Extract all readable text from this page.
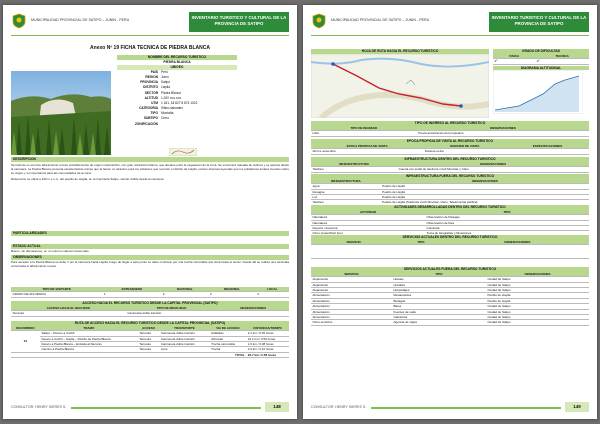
MUNICIPALIDAD PROVINCIAL DE SATIPO – JUNIN - PERU	INVENTARIO TURISTICO Y CULTURAL DE LA PROVINCIA DE SATIPO
Anexo Nº 19 FICHA TECNICA DE PIEDRA BLANCA
NOMBRE DEL RECURSO TURISTICO
PIEDRA BLANCA
UBIGEO
PAIS Perú
REGION Junín
PROVINCIA Satipo
DISTRITO Llaylla
SECTOR Piedra Blanca
ALTITUD 1,200 m.s.n.m.
UTM 1 181, 18 827 8 874 1022
CATEGORIA Sitios naturales
TIPO Montaña
SUBTIPO Cerro
ZONIFICACIÓN
DESCRIPCION

Se trata de un enorme afloramiento rocoso probablemente de origen metamórfico, con gran coloración blanca, que destaca entre la vegetación de la zona. Se encuentra rodeada de cultivos y se aprecia desde la carretera. La Piedra Blanca presenta características únicas que la hacen un atractivo para los visitantes que recorren el distrito de Llaylla, existen diversas leyendas que los pobladores locales cuentan sobre su origen y su importancia para las comunidades de la zona.

Referencia: se ubica a 100 m.s.n.m. del pueblo de Llaylla, en la ruta hacia Satipo, siendo visible desde la carretera.

PARTICULARIDADES
ESTADO ACTUAL

Bueno, sin alteraciones, en un entorno natural conservado.

OBSERVACIONES

Para acceder a la Piedra Blanca se debe ir por la carretera hacia Llaylla, luego de llegar a este punto se debe continuar por una trocha carrozable que lleva hasta el sector. Desde allí se realiza una caminata corta hasta el afloramiento rocoso.

TIPO DE VISITANTE	EXTRANJERO	NACIONAL	REGIONAL	LOCAL
GRADO DE AFLUENCIA	1	2	3	4
ACCESO HACIA EL RECURSO TURISTICO DESDE LA CAPITAL PROVINCIAL (SATIPO)
ACCESO HACIA EL RECURSO	TIPO DE MOVILIDAD	OBSERVACIONES
Terrestre	Camioneta doble tracción	
RUTA DE ACCESO HACIA EL RECURSO TURISTICO DESDE LA CAPITAL PROVINCIAL (SATIPO)
RECORRIDO	TRAMO	ACCESO	TRANSPORTE	VIA DE ACCESO	DISTANCIA/TIEMPO
01	Satipo – Desvío a Cuchil	Terrestre	Camioneta doble tracción	Asfaltado	2.1 km / 0.05 horas
	Desvío a Cuchil – Llaylla – Distrito de Piedra Blanca	Terrestre	Camioneta doble tracción	Afirmado	22.1 km / 0.50 horas
	Desvío a Piedra Blanca – Entrada al Recurso	Terrestre	Camioneta doble tracción	Trocha carrozable	1.6 km / 0.08 horas
	Camino a Piedra Blanca	Terrestre	A pie	Trocha	0.3 km / 0.10 horas
TOTAL					26.7 km / 0.58 horas
CONSULTOR: HENRY SIERES S.	148
MUNICIPALIDAD PROVINCIAL DE SATIPO – JUNIN - PERU	INVENTARIO TURISTICO Y CULTURAL DE LA PROVINCIA DE SATIPO
HOJA DE RUTA HACIA EL RECURSO TURISTICO	GRADO DE DIFICULTAD
FISICA	TECNICA
2º	2º
DIAGRAMA ALTITUDINAL
TIPO DE INGRESO AL RECURSO TURISTICO
TIPO DE INGRESO	OBSERVACIONES
Libre	Previa autorización del propietario
EPOCA PROPICIA DE VISITA AL RECURSO TURISTICO
EPOCA PROPICIA DE VISITA	HORARIO DE VISITA	ESPECIFICACIONES
Abril a noviembre	Durante el día	
INFRAESTRUCTURA DENTRO DEL RECURSO TURISTICO
INFRAESTRUCTURA	OBSERVACIONES
Teléfono	Cuenta con señal de telefonía móvil Movistar y Claro
INFRAESTRUCTURA FUERA DEL RECURSO TURISTICO
INFRAESTRUCTURA	OBSERVACIONES
Agua	Pueblo de Llaylla
Desagüe	Pueblo de Llaylla
Luz	Pueblo de Llaylla
Teléfono	Pueblo de Llaylla (Telefonía móvil Movistar, Claro, Telefonía fija pública)
ACTIVIDADES DESARROLLADAS DENTRO DEL RECURSO TURISTICO
ACTIVIDAD	TIPO
Naturaleza	Observación de Paisajes
Naturaleza	Observación de flora
Deporte / Aventura	Caminata
Otros (especificar tipo)	Toma de fotografías y filmaciones
SERVICIOS ACTUALES DENTRO DEL RECURSO TURISTICO
SERVICIO	TIPO	OBSERVACIONES
SERVICIOS ACTUALES FUERA DEL RECURSO TURISTICO
SERVICIO	TIPO	OBSERVACIONES
Alojamiento	Hoteles	Ciudad de Satipo
Alojamiento	Hostales	Ciudad de Satipo
Alojamiento	Hospedajes	Ciudad de Satipo
Alimentación	Restaurantes	Pueblo de Llaylla
Alimentación	Bodegas	Pueblo de Llaylla
Alimentación	Bares	Ciudad de Satipo
Alimentación	Fuentes de soda	Ciudad de Satipo
Alimentación	Cafeterías	Ciudad de Satipo
Otros servicios	Agencia de viajes	Ciudad de Satipo
CONSULTOR: HENRY SIERES S.	149
